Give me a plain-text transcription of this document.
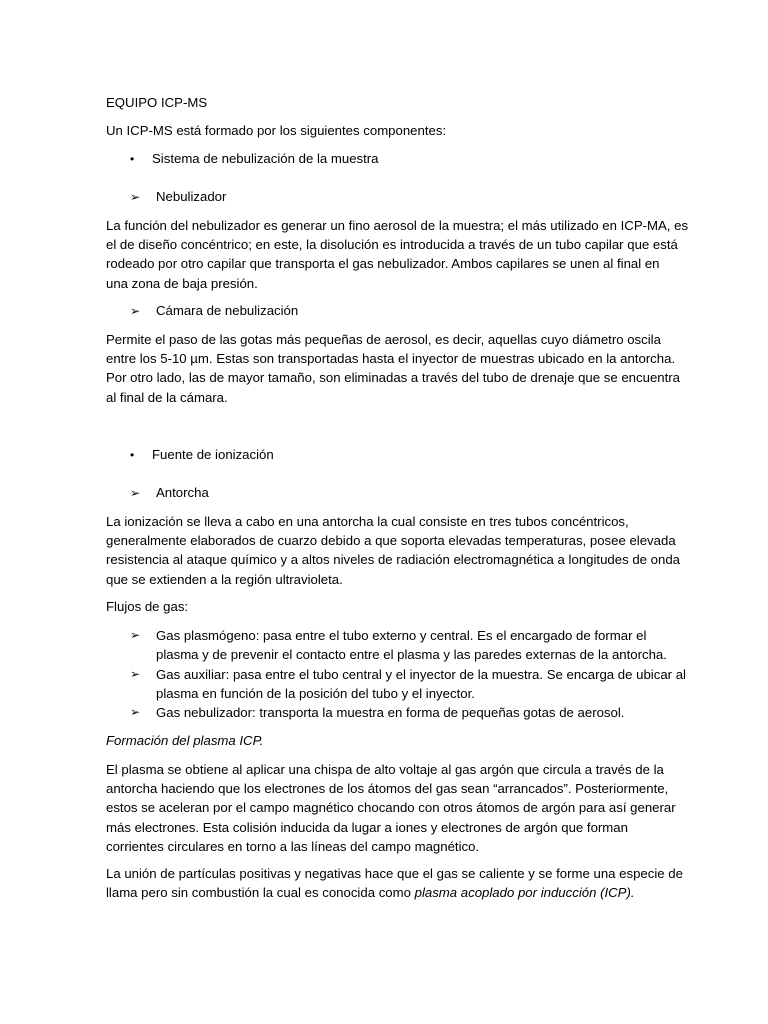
EQUIPO ICP-MS
Un ICP-MS está formado por los siguientes componentes:
• Sistema de nebulización de la muestra
➢ Nebulizador
La función del nebulizador es generar un fino aerosol de la muestra; el más utilizado en ICP-MA, es
el de diseño concéntrico; en este, la disolución es introducida a través de un tubo capilar que está
rodeado por otro capilar que transporta el gas nebulizador. Ambos capilares se unen al final en
una zona de baja presión.
➢ Cámara de nebulización
Permite el paso de las gotas más pequeñas de aerosol, es decir, aquellas cuyo diámetro oscila
entre los 5-10 µm. Estas son transportadas hasta el inyector de muestras ubicado en la antorcha.
Por otro lado, las de mayor tamaño, son eliminadas a través del tubo de drenaje que se encuentra
al final de la cámara.
• Fuente de ionización
➢ Antorcha
La ionización se lleva a cabo en una antorcha la cual consiste en tres tubos concéntricos,
generalmente elaborados de cuarzo debido a que soporta elevadas temperaturas, posee elevada
resistencia al ataque químico y a altos niveles de radiación electromagnética a longitudes de onda
que se extienden a la región ultravioleta.
Flujos de gas:
➢	Gas plasmógeno: pasa entre el tubo externo y central. Es el encargado de formar el
plasma y de prevenir el contacto entre el plasma y las paredes externas de la antorcha.
➢	Gas auxiliar: pasa entre el tubo central y el inyector de la muestra. Se encarga de ubicar al
plasma en función de la posición del tubo y el inyector.
➢	Gas nebulizador: transporta la muestra en forma de pequeñas gotas de aerosol.
Formación del plasma ICP.
El plasma se obtiene al aplicar una chispa de alto voltaje al gas argón que circula a través de la
antorcha haciendo que los electrones de los átomos del gas sean “arrancados”. Posteriormente,
estos se aceleran por el campo magnético chocando con otros átomos de argón para así generar
más electrones. Esta colisión inducida da lugar a iones y electrones de argón que forman
corrientes circulares en torno a las líneas del campo magnético.
La unión de partículas positivas y negativas hace que el gas se caliente y se forme una especie de
llama pero sin combustión la cual es conocida como plasma acoplado por inducción (ICP).
